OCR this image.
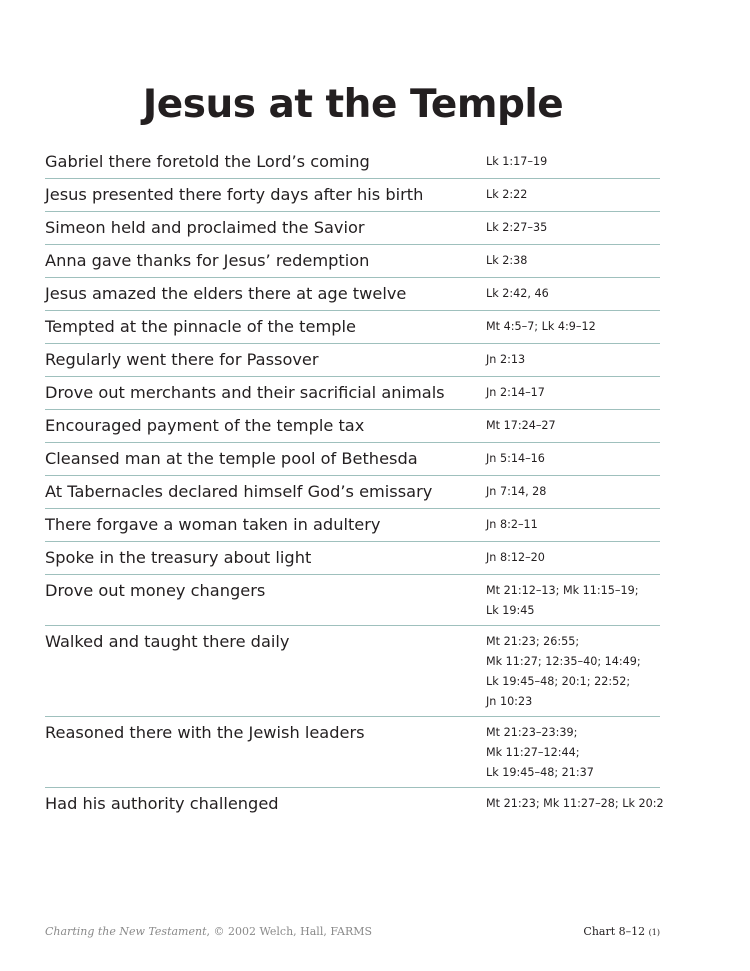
Jesus at the Temple
Gabriel there foretold the Lord’s coming	Lk 1:17–19
Jesus presented there forty days after his birth	Lk 2:22
Simeon held and proclaimed the Savior	Lk 2:27–35
Anna gave thanks for Jesus’ redemption	Lk 2:38
Jesus amazed the elders there at age twelve	Lk 2:42, 46
Tempted at the pinnacle of the temple	Mt 4:5–7; Lk 4:9–12
Regularly went there for Passover	Jn 2:13
Drove out merchants and their sacrificial animals	Jn 2:14–17
Encouraged payment of the temple tax	Mt 17:24–27
Cleansed man at the temple pool of Bethesda	Jn 5:14–16
At Tabernacles declared himself God’s emissary	Jn 7:14, 28
There forgave a woman taken in adultery	Jn 8:2–11
Spoke in the treasury about light	Jn 8:12–20
Drove out money changers	Mt 21:12–13; Mk 11:15–19;
Lk 19:45
Walked and taught there daily	Mt 21:23; 26:55;
Mk 11:27; 12:35–40; 14:49;
Lk 19:45–48; 20:1; 22:52;
Jn 10:23
Reasoned there with the Jewish leaders	Mt 21:23–23:39;
Mk 11:27–12:44;
Lk 19:45–48; 21:37
Had his authority challenged	Mt 21:23; Mk 11:27–28; Lk 20:2
Charting the New Testament, © 2002 Welch, Hall, FARMS	Chart 8–12 (1)
